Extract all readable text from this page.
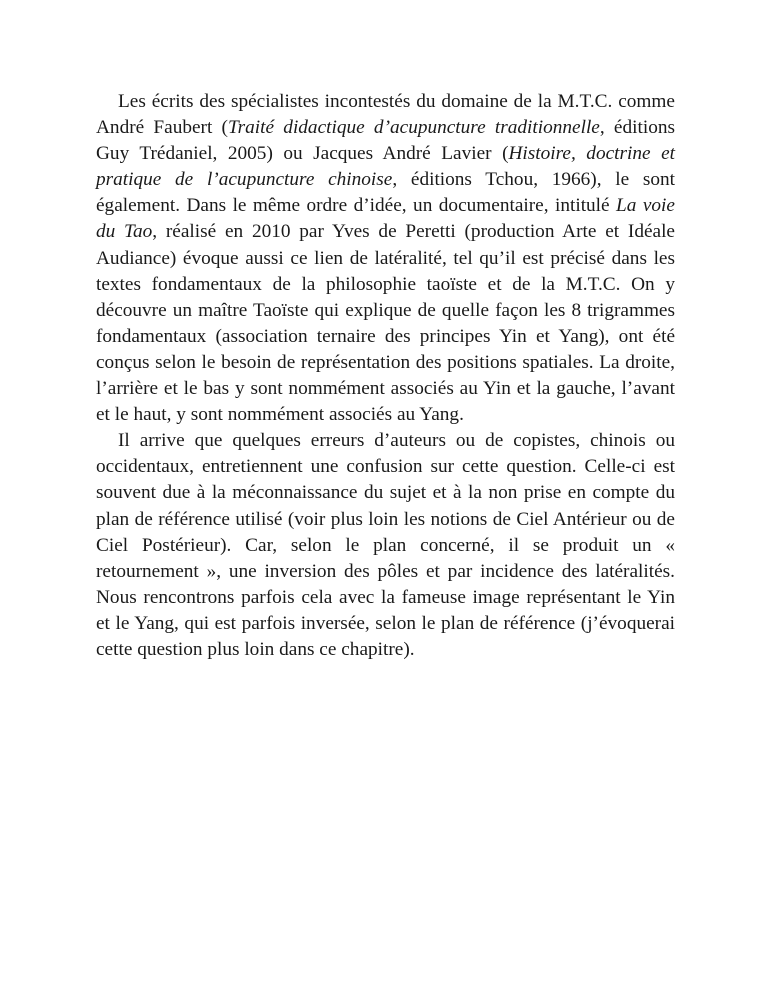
Les écrits des spécialistes incontestés du domaine de la M.T.C. comme André Faubert (Traité didactique d’acupuncture traditionnelle, éditions Guy Trédaniel, 2005) ou Jacques André Lavier (Histoire, doctrine et pratique de l’acupuncture chinoise, éditions Tchou, 1966), le sont également. Dans le même ordre d’idée, un documentaire, intitulé La voie du Tao, réalisé en 2010 par Yves de Peretti (production Arte et Idéale Audiance) évoque aussi ce lien de latéralité, tel qu’il est précisé dans les textes fondamentaux de la philosophie taoïste et de la M.T.C. On y découvre un maître Taoïste qui explique de quelle façon les 8 trigrammes fondamentaux (association ternaire des principes Yin et Yang), ont été conçus selon le besoin de représentation des positions spatiales. La droite, l’arrière et le bas y sont nommément associés au Yin et la gauche, l’avant et le haut, y sont nommément associés au Yang.

Il arrive que quelques erreurs d’auteurs ou de copistes, chinois ou occidentaux, entretiennent une confusion sur cette question. Celle-ci est souvent due à la méconnaissance du sujet et à la non prise en compte du plan de référence utilisé (voir plus loin les notions de Ciel Antérieur ou de Ciel Postérieur). Car, selon le plan concerné, il se produit un « retournement », une inversion des pôles et par incidence des latéralités. Nous rencontrons parfois cela avec la fameuse image représentant le Yin et le Yang, qui est parfois inversée, selon le plan de référence (j’évoquerai cette question plus loin dans ce chapitre).
